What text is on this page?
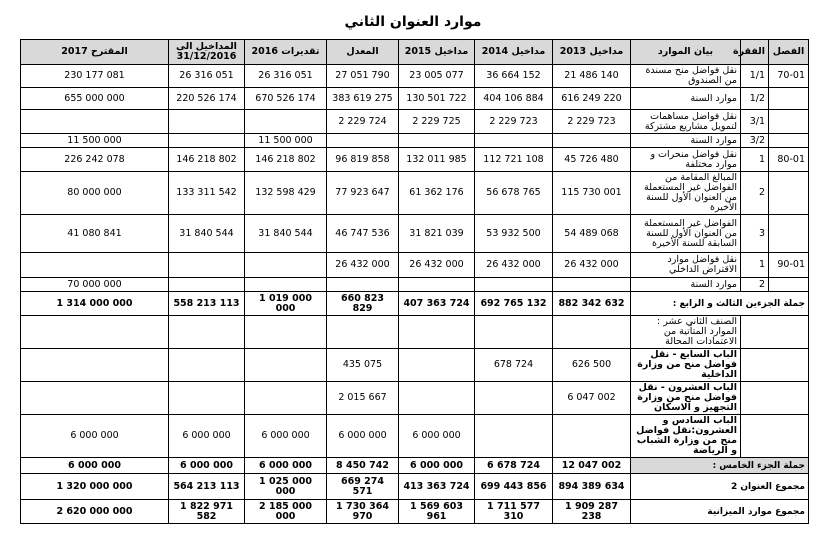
موارد العنوان الثاني
الفصل	الفقرة	بيان الموارد	مداخيل 2013	مداخيل 2014	مداخيل 2015	المعدل	تقديرات 2016	المداخيل الى 31/12/2016	المقترح 2017
70-01	1/1	نقل فواضل منح مسندة من الصندوق	21 486 140	36 664 152	23 005 077	27 051 790	26 316 051	26 316 051	230 177 081
	1/2	موارد السنة	616 249 220	404 106 884	130 501 722	383 619 275	670 526 174	220 526 174	655 000 000
	3/1	نقل فواضل مساهمات لتمويل مشاريع مشتركة	2 229 723	2 229 723	2 229 725	2 229 724			
	3/2	موارد السنة					11 500 000		11 500 000
80-01	1	نقل فواضل منحرات و موارد مختلفة	45 726 480	112 721 108	132 011 985	96 819 858	146 218 802	146 218 802	226 242 078
	2	المبالغ المقامة من الفواضل غير المستعملة من العنوان الأول للسنة الأخيرة	115 730 001	56 678 765	61 362 176	77 923 647	132 598 429	133 311 542	80 000 000
	3	الفواضل غير المستعملة من العنوان الأول للسنة السابقة للسنة الأخيرة	54 489 068	53 932 500	31 821 039	46 747 536	31 840 544	31 840 544	41 080 841
90-01	1	نقل فواضل موارد الاقتراض الداخلي	26 432 000	26 432 000	26 432 000	26 432 000			
	2	موارد السنة							70 000 000
جملة الجزءين الثالث و الرابع :			882 342 632	692 765 132	407 363 724	660 823 829	1 019 000 000	558 213 113	1 314 000 000
		الصنف الثاني عشر : الموارد المتأتية من الاعتمادات المحالة							
		الباب السابع - نقل فواضل منح من وزارة الداخلية	626 500	678 724		435 075			
		الباب العشرون - نقل فواضل منح من وزارة التجهيز و الاسكان	6 047 002			2 015 667			
		الباب السادس و العشرون:نقل فواضل منح من وزارة الشباب و الرياضة			6 000 000	6 000 000	6 000 000	6 000 000	6 000 000
جملة الجزء الخامس :			12 047 002	6 678 724	6 000 000	8 450 742	6 000 000	6 000 000	6 000 000
مجموع العنوان 2			894 389 634	699 443 856	413 363 724	669 274 571	1 025 000 000	564 213 113	1 320 000 000
مجموع موارد الميزانية			1 909 287 238	1 711 577 310	1 569 603 961	1 730 364 970	2 185 000 000	1 822 971 582	2 620 000 000
